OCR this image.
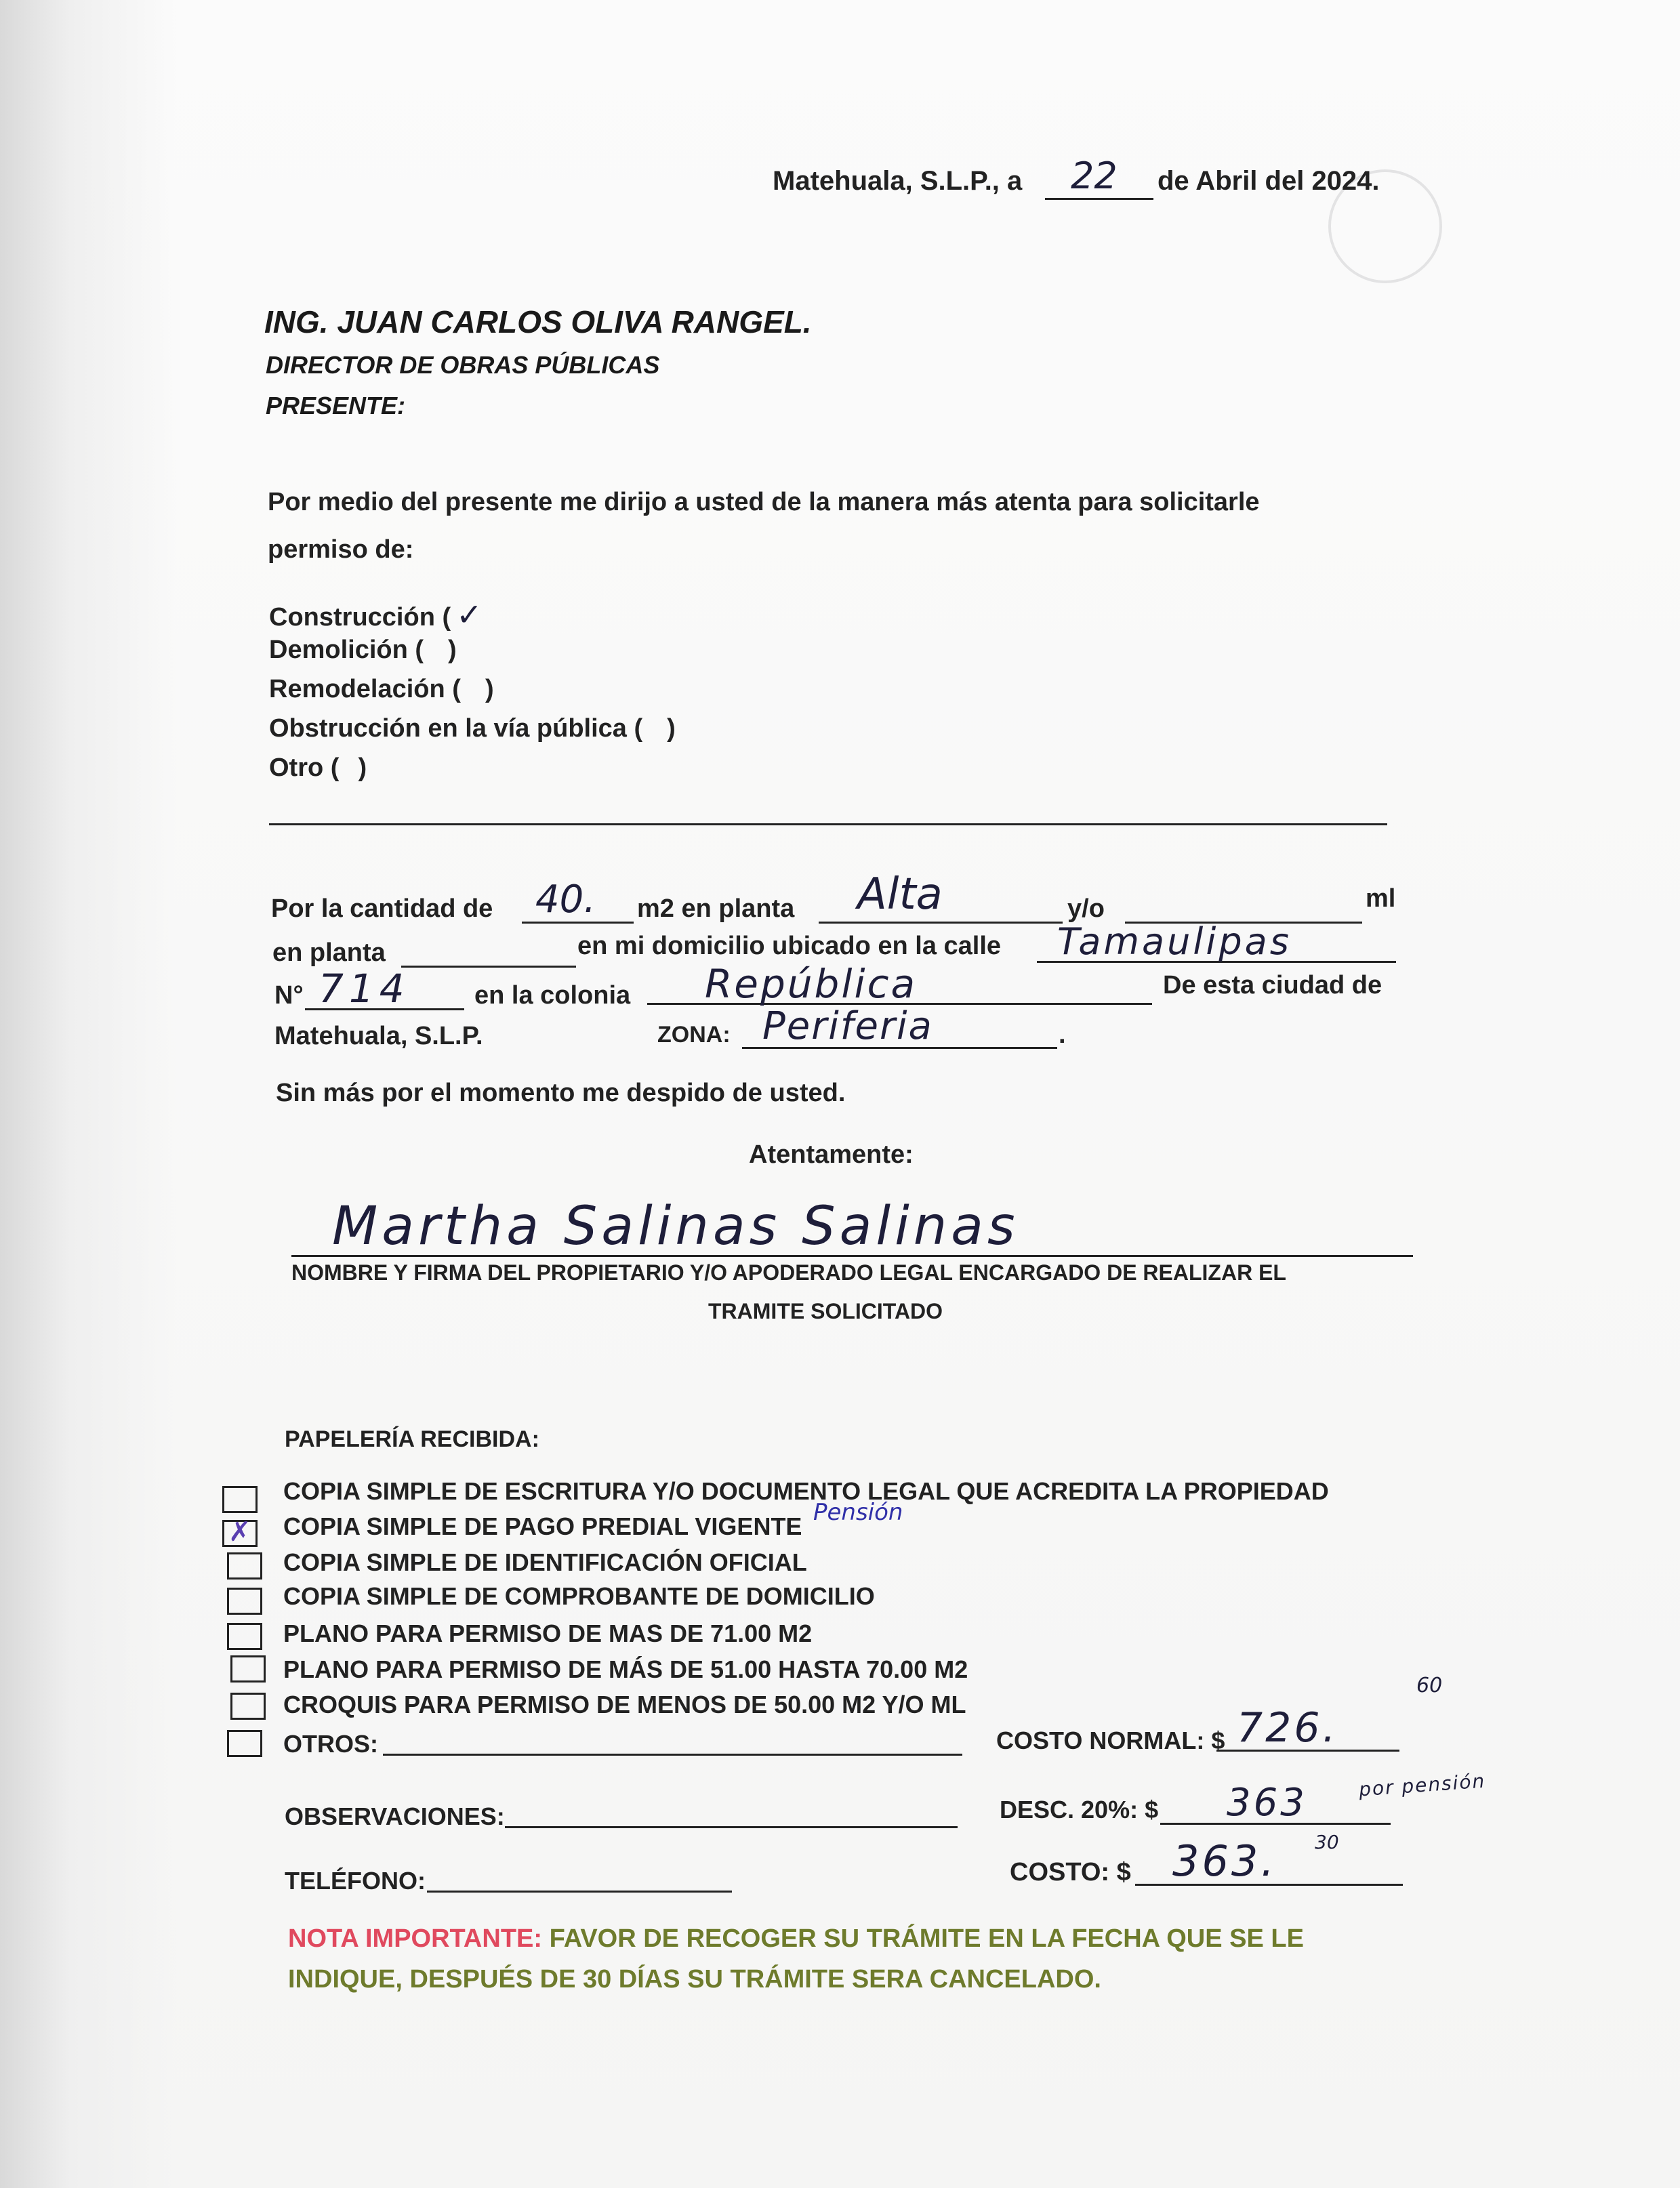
Matehuala, S.L.P., a 22 de Abril del 2024.
ING. JUAN CARLOS OLIVA RANGEL.
DIRECTOR DE OBRAS PÚBLICAS
PRESENTE:
Por medio del presente me dirijo a usted de la manera más atenta para solicitarle
permiso de:
Construcción ( ✓
Demolición ( )
Remodelación ( )
Obstrucción en la vía pública ( )
Otro ( )
Por la cantidad de 40. m2 en planta Alta	y/o	ml
en planta	en mi domicilio ubicado en la calle Tamaulipas
N° 714	en la colonia República	De esta ciudad de
Matehuala, S.L.P.	ZONA: Periferia	.
Sin más por el momento me despido de usted.
Atentamente:
Martha Salinas Salinas
NOMBRE Y FIRMA DEL PROPIETARIO Y/O APODERADO LEGAL ENCARGADO DE REALIZAR EL
TRAMITE SOLICITADO
PAPELERÍA RECIBIDA:
COPIA SIMPLE DE ESCRITURA Y/O DOCUMENTO LEGAL QUE ACREDITA LA PROPIEDAD
✗ COPIA SIMPLE DE PAGO PREDIAL VIGENTE Pensión
COPIA SIMPLE DE IDENTIFICACIÓN OFICIAL
COPIA SIMPLE DE COMPROBANTE DE DOMICILIO
PLANO PARA PERMISO DE MAS DE 71.00 M2
PLANO PARA PERMISO DE MÁS DE 51.00 HASTA 70.00 M2
CROQUIS PARA PERMISO DE MENOS DE 50.00 M2 Y/O ML
OTROS:	COSTO NORMAL: $ 726.
60
OBSERVACIONES:	DESC. 20%: $ 363	por pensión
TELÉFONO:	COSTO: $ 363. 30
NOTA IMPORTANTE: FAVOR DE RECOGER SU TRÁMITE EN LA FECHA QUE SE LE
INDIQUE, DESPUÉS DE 30 DÍAS SU TRÁMITE SERA CANCELADO.
